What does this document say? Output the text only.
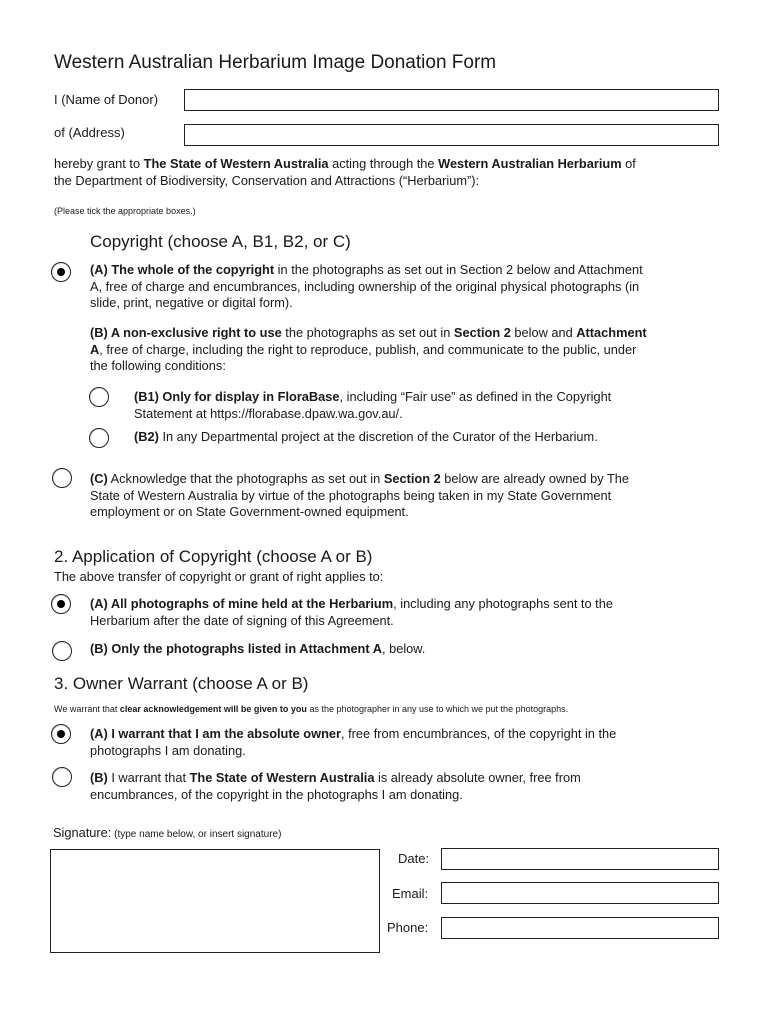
Western Australian Herbarium Image Donation Form
I (Name of Donor)
of (Address)
hereby grant to The State of Western Australia acting through the Western Australian Herbarium of
the Department of Biodiversity, Conservation and Attractions (“Herbarium”):
(Please tick the appropriate boxes.)
Copyright (choose A, B1, B2, or C)
(A) The whole of the copyright in the photographs as set out in Section 2 below and Attachment
A, free of charge and encumbrances, including ownership of the original physical photographs (in
slide, print, negative or digital form).
(B) A non-exclusive right to use the photographs as set out in Section 2 below and Attachment
A, free of charge, including the right to reproduce, publish, and communicate to the public, under
the following conditions:
(B1) Only for display in FloraBase, including “Fair use” as defined in the Copyright
Statement at https://florabase.dpaw.wa.gov.au/.
(B2) In any Departmental project at the discretion of the Curator of the Herbarium.
(C) Acknowledge that the photographs as set out in Section 2 below are already owned by The
State of Western Australia by virtue of the photographs being taken in my State Government
employment or on State Government-owned equipment.
2. Application of Copyright (choose A or B)
The above transfer of copyright or grant of right applies to:
(A) All photographs of mine held at the Herbarium, including any photographs sent to the
Herbarium after the date of signing of this Agreement.
(B) Only the photographs listed in Attachment A, below.
3. Owner Warrant (choose A or B)
We warrant that clear acknowledgement will be given to you as the photographer in any use to which we put the photographs.
(A) I warrant that I am the absolute owner, free from encumbrances, of the copyright in the
photographs I am donating.
(B) I warrant that The State of Western Australia is already absolute owner, free from
encumbrances, of the copyright in the photographs I am donating.
Signature: (type name below, or insert signature)
Date:
Email:
Phone:
